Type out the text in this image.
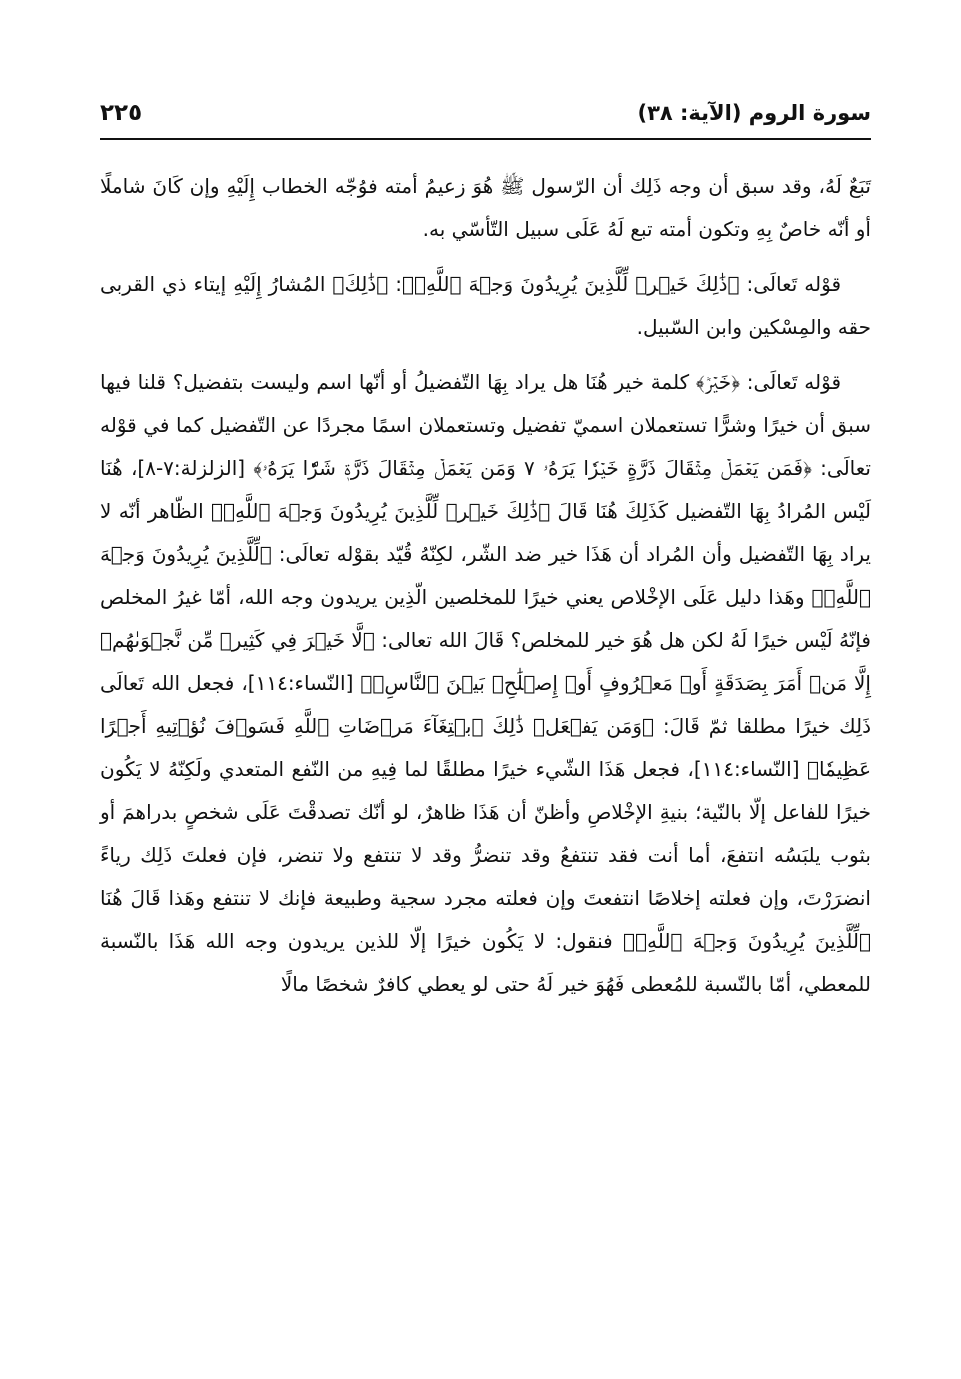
سورة الروم (الآية: ٣٨)
٢٢٥

تَبَعٌ لَهُ، وقد سبق أن وجه ذَلِك أن الرّسول ﷺ هُوَ زعيمُ أمته فوُجّه الخطاب إِلَيْهِ وإن كَانَ شاملًا أو أنّه خاصٌ بِهِ وتكون أمته تبع لَهُ عَلَى سبيل التّأسّي به.

قوْله تَعالَى: ﴿ذَٰلِكَ خَيۡرٞ لِّلَّذِينَ يُرِيدُونَ وَجۡهَ ٱللَّهِۖ﴾: ﴿ذَٰلِكَ﴾ المُشارُ إِلَيْهِ إيتاء ذي القربى حقه والمِسْكين وابن السّبيل.

قوْله تَعالَى: ﴿خَيۡرٞ﴾ كلمة خير هُنَا هل يراد بِهَا التّفضيلُ أو أنّها اسم وليست بتفضيل؟ قلنا فيها سبق أن خيرًا وشرًّا تستعملان اسميّ تفضيل وتستعملان اسمًا مجردًا عن التّفضيل كما في قوْله تعالَى: ﴿فَمَن يَعۡمَلۡ مِثۡقَالَ ذَرَّةٍ خَيۡرٗا يَرَهُۥ ٧ وَمَن يَعۡمَلۡ مِثۡقَالَ ذَرَّةٖ شَرّٗا يَرَهُۥ﴾ [الزلزلة:٧-٨]، هُنَا لَيْس المُرادُ بِهَا التّفضيل كَذَلِكَ هُنَا قَالَ ﴿ذَٰلِكَ خَيۡرٞ لِّلَّذِينَ يُرِيدُونَ وَجۡهَ ٱللَّهِۖ﴾ الظّاهر أنّه لا يراد بِهَا التّفضيل وأن المُراد أن هَذَا خير ضد الشّر، لكِنّهُ قُيّد بقوْله تعالَى: ﴿لِّلَّذِينَ يُرِيدُونَ وَجۡهَ ٱللَّهِۖ﴾ وهَذا دليل عَلَى الإخْلاص يعني خيرًا للمخلصين الّذِين يريدون وجه الله، أمّا غيرُ المخلص فإنّهُ لَيْس خيرًا لَهُ لكن هل هُوَ خير للمخلص؟ قَالَ الله تعالى: ﴿لَّا خَيۡرَ فِي كَثِيرٖ مِّن نَّجۡوَىٰهُمۡ إِلَّا مَنۡ أَمَرَ بِصَدَقَةٍ أَوۡ مَعۡرُوفٍ أَوۡ إِصۡلَٰحِۭ بَيۡنَ ٱلنَّاسِۚ﴾ [النّساء:١١٤]، فجعل الله تَعالَى ذَلِك خيرًا مطلقا ثمّ قَالَ: ﴿وَمَن يَفۡعَلۡ ذَٰلِكَ ٱبۡتِغَآءَ مَرۡضَاتِ ٱللَّهِ فَسَوۡفَ نُؤۡتِيهِ أَجۡرًا عَظِيمٗا﴾ [النّساء:١١٤]، فجعل هَذَا الشّيء خيرًا مطلقًا لما فِيهِ من النّفع المتعدي ولَكِنّهُ لا يَكُون خيرًا للفاعل إلّا بالنّية؛ بنيةِ الإخْلاصِ وأظنّ أن هَذَا ظاهرٌ، لو أنّك تصدقْتَ عَلَى شخصٍ بدراهمَ أو بثوب يلبَسُه انتفعَ، أما أنت فقد تنتفعُ وقد تنضرُّ وقد لا تنتفع ولا تنضر، فإن فعلتَ ذَلِك رياءً انضرَرْتَ، وإن فعلته إخلاصًا انتفعتَ وإن فعلته مجرد سجية وطبيعة فإنك لا تنتفع وهَذا قَالَ هُنَا ﴿لِّلَّذِينَ يُرِيدُونَ وَجۡهَ ٱللَّهِۖ﴾ فنقول: لا يَكُون خيرًا إلّا للذين يريدون وجه الله هَذَا بالنّسبة للمعطي، أمّا بالنّسبة للمُعطى فَهُوَ خير لَهُ حتى لو يعطي كافرٌ شخصًا مالًا
